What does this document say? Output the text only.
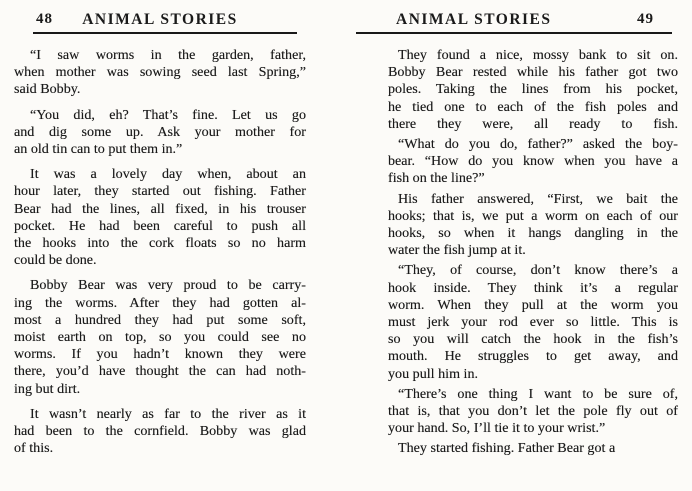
48 ANIMAL STORIES
“I saw worms in the garden, father,
when mother was sowing seed last Spring,”
said Bobby.
“You did, eh? That’s fine. Let us go
and dig some up. Ask your mother for
an old tin can to put them in.”
It was a lovely day when, about an
hour later, they started out fishing. Father
Bear had the lines, all fixed, in his trouser
pocket. He had been careful to push all
the hooks into the cork floats so no harm
could be done.
Bobby Bear was very proud to be carry-
ing the worms. After they had gotten al-
most a hundred they had put some soft,
moist earth on top, so you could see no
worms. If you hadn’t known they were
there, you’d have thought the can had noth-
ing but dirt.
It wasn’t nearly as far to the river as it
had been to the cornfield. Bobby was glad
of this.
ANIMAL STORIES	49
They found a nice, mossy bank to sit on.
Bobby Bear rested while his father got two
poles. Taking the lines from his pocket,
he tied one to each of the fish poles and
there they were, all ready to fish.
“What do you do, father?” asked the boy-
bear. “How do you know when you have a
fish on the line?”
His father answered, “First, we bait the
hooks; that is, we put a worm on each of our
hooks, so when it hangs dangling in the
water the fish jump at it.
“They, of course, don’t know there’s a
hook inside. They think it’s a regular
worm. When they pull at the worm you
must jerk your rod ever so little. This is
so you will catch the hook in the fish’s
mouth. He struggles to get away, and
you pull him in.
“There’s one thing I want to be sure of,
that is, that you don’t let the pole fly out of
your hand. So, I’ll tie it to your wrist.”
They started fishing. Father Bear got a
